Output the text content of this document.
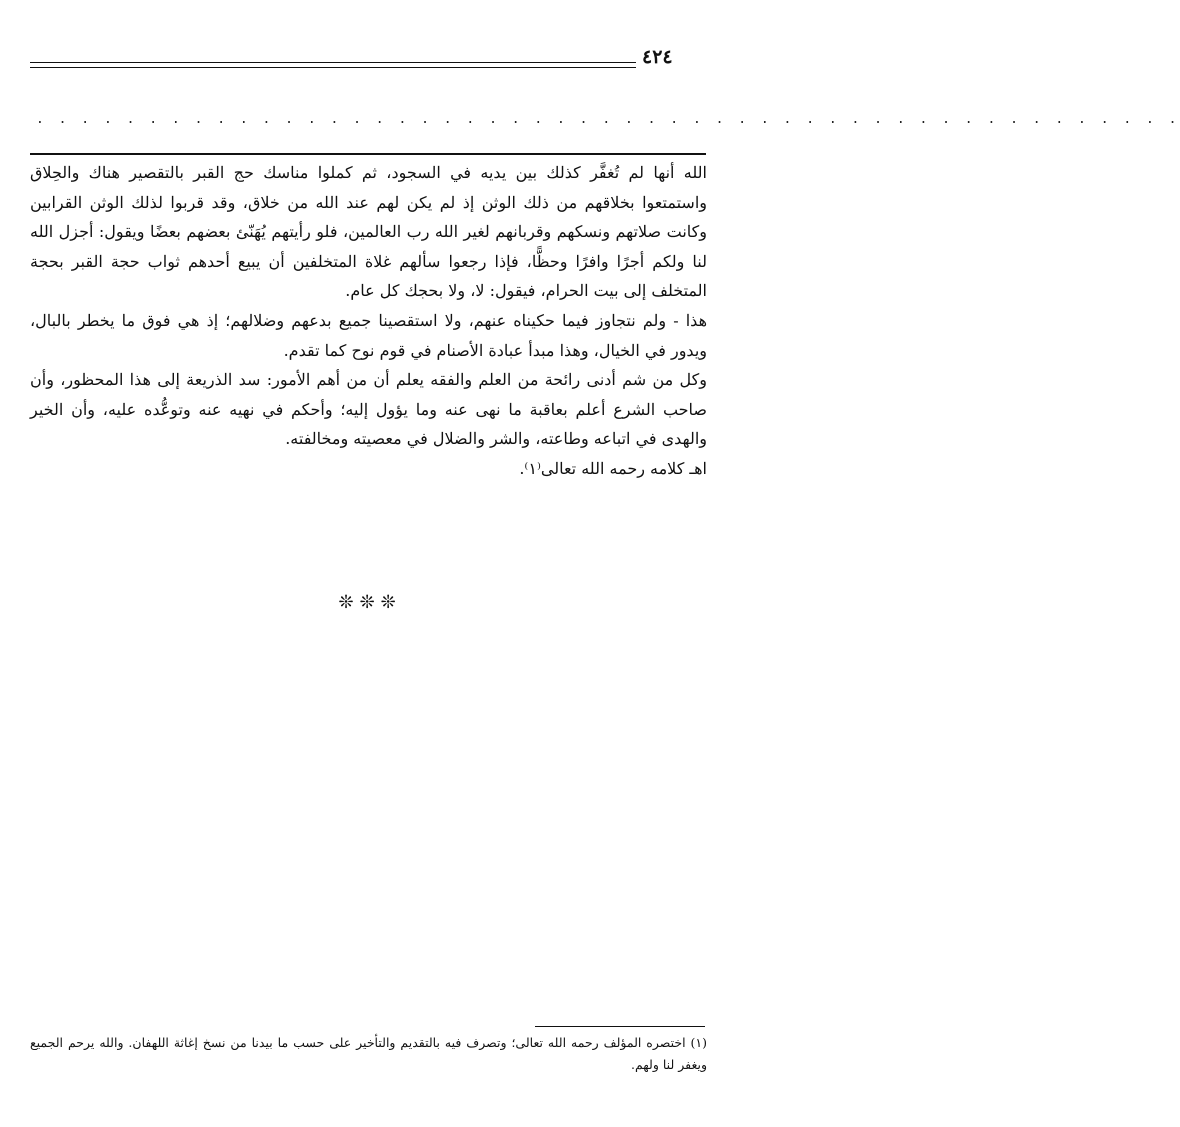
٤٢٤
. . . . . . . . . . . . . . . . . . . . . . . . . . . . . . . . . . . . . . . . . . . . . . . . . . .

الله أنها لم تُغفَّر كذلك بين يديه في السجود، ثم كملوا مناسك حج القبر بالتقصير هناك والحِلاق واستمتعوا بخلاقهم من ذلك الوثن إذ لم يكن لهم عند الله من خلاق، وقد قربوا لذلك الوثن القرابين وكانت صلاتهم ونسكهم وقربانهم لغير الله رب العالمين، فلو رأيتهم يُهَنّئ بعضهم بعضًا ويقول: أجزل الله لنا ولكم أجرًا وافرًا وحظًّا، فإذا رجعوا سألهم غلاة المتخلفين أن يبيع أحدهم ثواب حجة القبر بحجة المتخلف إلى بيت الحرام، فيقول: لا، ولا بحجك كل عام.

هذا - ولم نتجاوز فيما حكيناه عنهم، ولا استقصينا جميع بدعهم وضلالهم؛ إذ هي فوق ما يخطر بالبال، ويدور في الخيال، وهذا مبدأ عبادة الأصنام في قوم نوح كما تقدم.

وكل من شم أدنى رائحة من العلم والفقه يعلم أن من أهم الأمور: سد الذريعة إلى هذا المحظور، وأن صاحب الشرع أعلم بعاقبة ما نهى عنه وما يؤول إليه؛ وأحكم في نهيه عنه وتوعُّده عليه، وأن الخير والهدى في اتباعه وطاعته، والشر والضلال في معصيته ومخالفته.

اهـ كلامه رحمه الله تعالى⁽١⁾.

❊❊❊

(١) اختصره المؤلف رحمه الله تعالى؛ وتصرف فيه بالتقديم والتأخير على حسب ما بيدنا من نسخ إغاثة اللهفان. والله يرحم الجميع ويغفر لنا ولهم.
